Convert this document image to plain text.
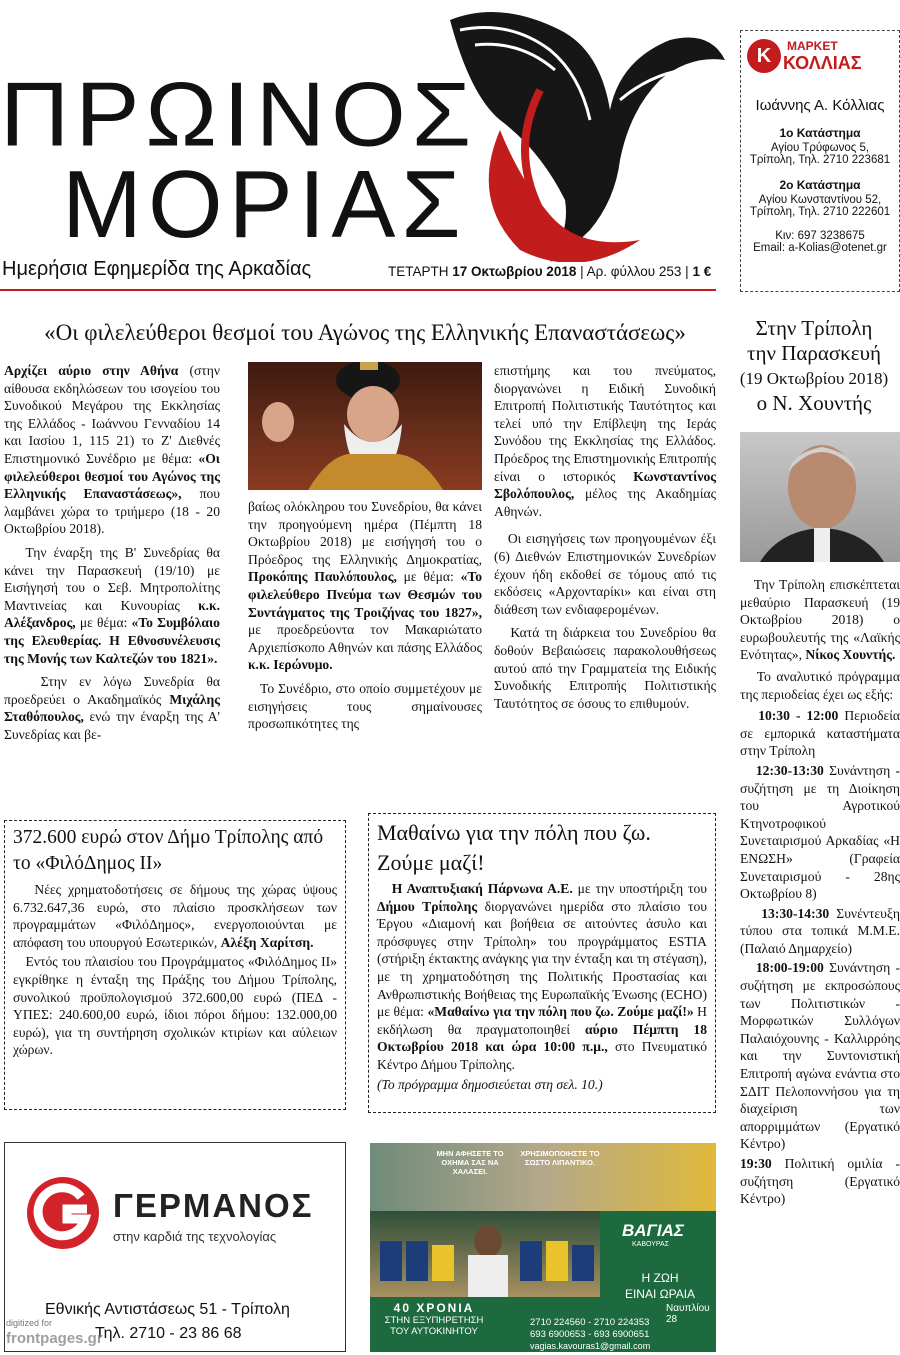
ΠΡΩΙΝΟΣ
ΜΟΡΙΑΣ
Ημερήσια Εφημερίδα της Αρκαδίας	ΤΕΤΑΡΤΗ 17 Οκτωβρίου 2018 | Αρ. φύλλου 253 | 1 €
Κ	ΜΑΡΚΕΤ
ΚΟΛΛΙΑΣ
Ιωάννης Α. Κόλλιας
1ο Κατάστημα
Αγίου Τρύφωνος 5,
Τρίπολη, Τηλ. 2710 223681
2ο Κατάστημα
Αγίου Κωνσταντίνου 52,
Τρίπολη, Τηλ. 2710 222601
Κιν: 697 3238675
Email: a-Kolias@otenet.gr
«Οι φιλελεύθεροι θεσμοί του Αγώνος της Ελληνικής Επαναστάσεως»

Αρχίζει αύριο στην Αθήνα (στην αίθουσα εκδηλώσεων του ισογείου του Συνοδικού Μεγάρου της Εκκλησίας της Ελλάδος - Ιωάννου Γενναδίου 14 και Ιασίου 1, 115 21) το Ζ' Διεθνές Επιστημονικό Συνέδριο με θέμα: «Οι φιλελεύθεροι θεσμοί του Αγώνος της Ελληνικής Επαναστάσεως», που λαμβάνει χώρα το τριήμερο (18 - 20 Οκτωβρίου 2018).

Την έναρξη της Β' Συνεδρίας θα κάνει την Παρασκευή (19/10) με Εισήγησή του ο Σεβ. Μητροπολίτης Μαντινείας και Κυνουρίας κ.κ. Αλέξανδρος, με θέμα: «Το Συμβόλαιο της Ελευθερίας. Η Εθνοσυνέλευσις της Μονής των Καλτεζών του 1821».

Στην εν λόγω Συνεδρία θα προεδρεύει ο Ακαδημαϊκός Μιχάλης Σταθόπουλος, ενώ την έναρξη της Α' Συνεδρίας και βε-

βαίως ολόκληρου του Συνεδρίου, θα κάνει την προηγούμενη ημέρα (Πέμπτη 18 Οκτωβρίου 2018) με εισήγησή του ο Πρόεδρος της Ελληνικής Δημοκρατίας, Προκόπης Παυλόπουλος, με θέμα: «Το φιλελεύθερο Πνεύμα των Θεσμών του Συντάγματος της Τροιζήνας του 1827», με προεδρεύοντα τον Μακαριώτατο Αρχιεπίσκοπο Αθηνών και πάσης Ελλάδος κ.κ. Ιερώνυμο.

Το Συνέδριο, στο οποίο συμμετέχουν με εισηγήσεις τους σημαίνουσες προσωπικότητες της

επιστήμης και του πνεύματος, διοργανώνει η Ειδική Συνοδική Επιτροπή Πολιτιστικής Ταυτότητος και τελεί υπό την Επίβλεψη της Ιεράς Συνόδου της Εκκλησίας της Ελλάδος. Πρόεδρος της Επιστημονικής Επιτροπής είναι ο ιστορικός Κωνσταντίνος Σβολόπουλος, μέλος της Ακαδημίας Αθηνών.

Οι εισηγήσεις των προηγουμένων έξι (6) Διεθνών Επιστημονικών Συνεδρίων έχουν ήδη εκδοθεί σε τόμους από τις εκδόσεις «Αρχονταρίκι» και είναι στη διάθεση των ενδιαφερομένων.

Κατά τη διάρκεια του Συνεδρίου θα δοθούν Βεβαιώσεις παρακολουθήσεως αυτού από την Γραμματεία της Ειδικής Συνοδικής Επιτροπής Πολιτιστικής Ταυτότητος σε όσους το επιθυμούν.

Στην Τρίπολη
την Παρασκευή
(19 Οκτωβρίου 2018)
ο Ν. Χουντής

Την Τρίπολη επισκέπτεται μεθαύριο Παρασκευή (19 Οκτωβρίου 2018) ο ευρωβουλευτής της «Λαϊκής Ενότητας», Νίκος Χουντής.

Το αναλυτικό πρόγραμμα της περιοδείας έχει ως εξής:

10:30 - 12:00 Περιοδεία σε εμπορικά καταστήματα στην Τρίπολη

12:30-13:30 Συνάντηση - συζήτηση με τη Διοίκηση του Αγροτικού Κτηνοτροφικού Συνεταιρισμού Αρκαδίας «Η ΕΝΩΣΗ» (Γραφεία Συνεταιρισμού - 28ης Οκτωβρίου 8)

13:30-14:30 Συνέντευξη τύπου στα τοπικά Μ.Μ.Ε. (Παλαιό Δημαρχείο)

18:00-19:00 Συνάντηση - συζήτηση με εκπροσώπους των Πολιτιστικών - Μορφωτικών Συλλόγων Παλαιόχουνης - Καλλιρρόης και την Συντονιστική Επιτροπή αγώνα ενάντια στο ΣΔΙΤ Πελοποννήσου για τη διαχείριση των απορριμμάτων (Εργατικό Κέντρο)

19:30 Πολιτική ομιλία - συζήτηση (Εργατικό Κέντρο)

372.600 ευρώ στον Δήμο Τρίπολης από το «ΦιλόΔημος ΙΙ»

Νέες χρηματοδοτήσεις σε δήμους της χώρας ύψους 6.732.647,36 ευρώ, στο πλαίσιο προσκλήσεων των προγραμμάτων «ΦιλόΔημος», ενεργοποιούνται με απόφαση του υπουργού Εσωτερικών, Αλέξη Χαρίτση.

Εντός του πλαισίου του Προγράμματος «ΦιλόΔημος ΙΙ» εγκρίθηκε η ένταξη της Πράξης του Δήμου Τρίπολης, συνολικού προϋπολογισμού 372.600,00 ευρώ (ΠΕΔ - ΥΠΕΣ: 240.600,00 ευρώ, ίδιοι πόροι δήμου: 132.000,00 ευρώ), για τη συντήρηση σχολικών κτιρίων και αύλειων χώρων.

Μαθαίνω για την πόλη που ζω. Ζούμε μαζί!

Η Αναπτυξιακή Πάρνωνα Α.Ε. με την υποστήριξη του Δήμου Τρίπολης διοργανώνει ημερίδα στο πλαίσιο του Έργου «Διαμονή και βοήθεια σε αιτούντες άσυλο και πρόσφυγες στην Τρίπολη» του προγράμματος ESTIA (στήριξη έκτακτης ανάγκης για την ένταξη και τη στέγαση), με τη χρηματοδότηση της Πολιτικής Προστασίας και Ανθρωπιστικής Βοήθειας της Ευρωπαϊκής Ένωσης (ECHO) με θέμα: «Μαθαίνω για την πόλη που ζω. Ζούμε μαζί!» Η εκδήλωση θα πραγματοποιηθεί αύριο Πέμπτη 18 Οκτωβρίου 2018 και ώρα 10:00 π.μ., στο Πνευματικό Κέντρο Δήμου Τρίπολης.

(Το πρόγραμμα δημοσιεύεται στη σελ. 10.)

ΓΕΡΜΑΝΟΣ
στην καρδιά της τεχνολογίας
Εθνικής Αντιστάσεως 51 - Τρίπολη
Τηλ. 2710 - 23 86 68
ΜΗΝ ΑΦΗΣΕΤΕ ΤΟ ΟΧΗΜΑ ΣΑΣ ΝΑ ΧΑΛΑΣΕΙ.
ΧΡΗΣΙΜΟΠΟΙΗΣΤΕ ΤΟ ΣΩΣΤΟ ΛΙΠΑΝΤΙΚΟ.
ΒΑΓΙΑΣ
ΚΑΒΟΥΡΑΣ
Η ΖΩΗ
ΕΙΝΑΙ ΩΡΑΙΑ
40 ΧΡΟΝΙΑ
ΣΤΗΝ ΕΞΥΠΗΡΕΤΗΣΗ
ΤΟΥ ΑΥΤΟΚΙΝΗΤΟΥ
Ναυπλίου 28
2710 224560 - 2710 224353
693 6900653 - 693 6900651
vagias.kavouras1@gmail.com
digitized for
frontpages.gr
